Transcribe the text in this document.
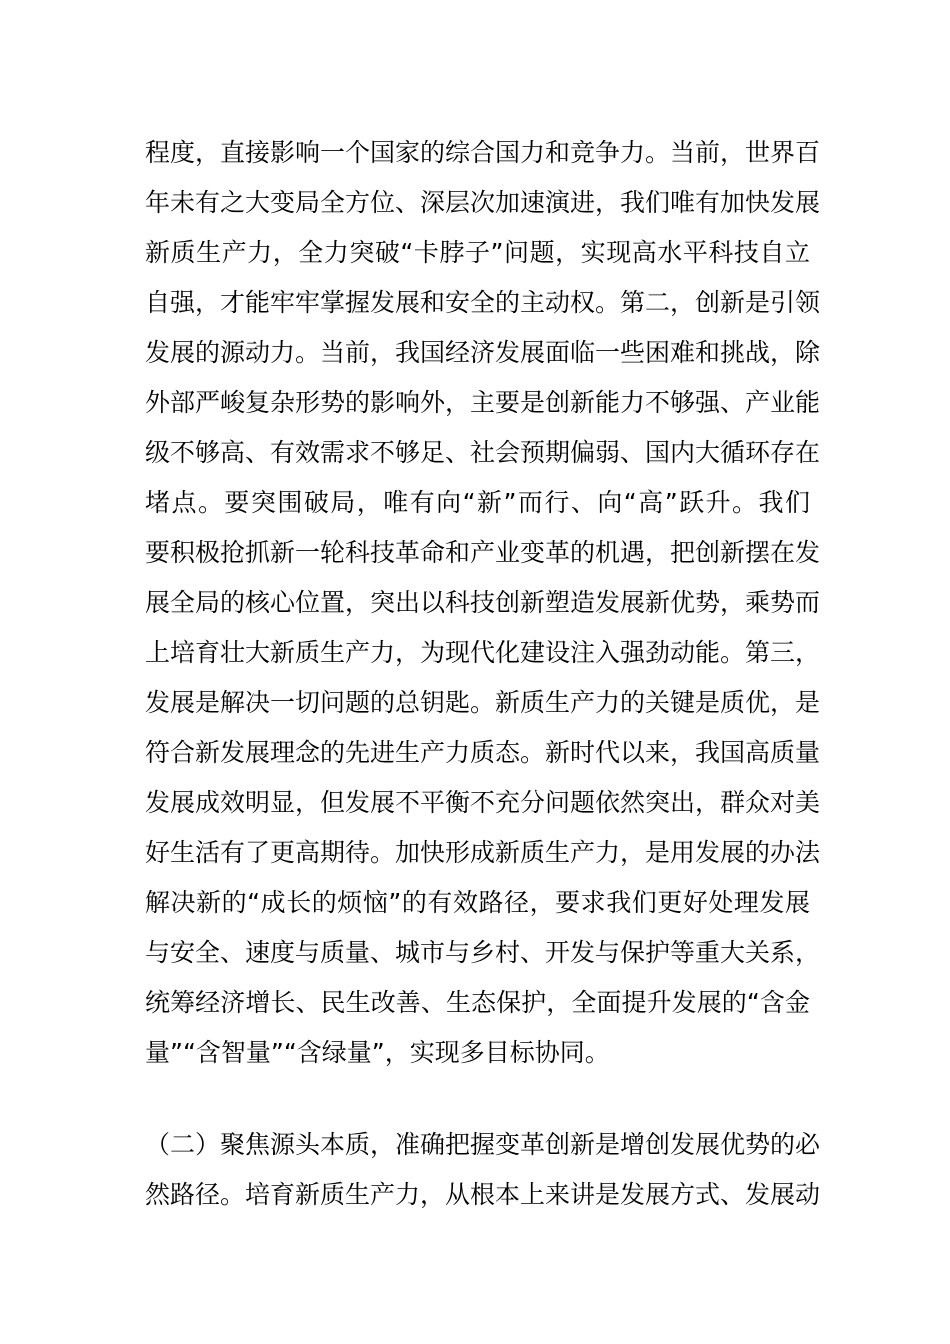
程度，直接影响一个国家的综合国力和竞争力。当前，世界百
年未有之大变局全方位、深层次加速演进，我们唯有加快发展
新质生产力，全力突破“卡脖子”问题，实现高水平科技自立
自强，才能牢牢掌握发展和安全的主动权。第二，创新是引领
发展的源动力。当前，我国经济发展面临一些困难和挑战，除
外部严峻复杂形势的影响外，主要是创新能力不够强、产业能
级不够高、有效需求不够足、社会预期偏弱、国内大循环存在
堵点。要突围破局，唯有向“新”而行、向“高”跃升。我们
要积极抢抓新一轮科技革命和产业变革的机遇，把创新摆在发
展全局的核心位置，突出以科技创新塑造发展新优势，乘势而
上培育壮大新质生产力，为现代化建设注入强劲动能。第三，
发展是解决一切问题的总钥匙。新质生产力的关键是质优，是
符合新发展理念的先进生产力质态。新时代以来，我国高质量
发展成效明显，但发展不平衡不充分问题依然突出，群众对美
好生活有了更高期待。加快形成新质生产力，是用发展的办法
解决新的“成长的烦恼”的有效路径，要求我们更好处理发展
与安全、速度与质量、城市与乡村、开发与保护等重大关系，
统筹经济增长、民生改善、生态保护，全面提升发展的“含金
量”“含智量”“含绿量”，实现多目标协同。
（二）聚焦源头本质，准确把握变革创新是增创发展优势的必
然路径。培育新质生产力，从根本上来讲是发展方式、发展动
